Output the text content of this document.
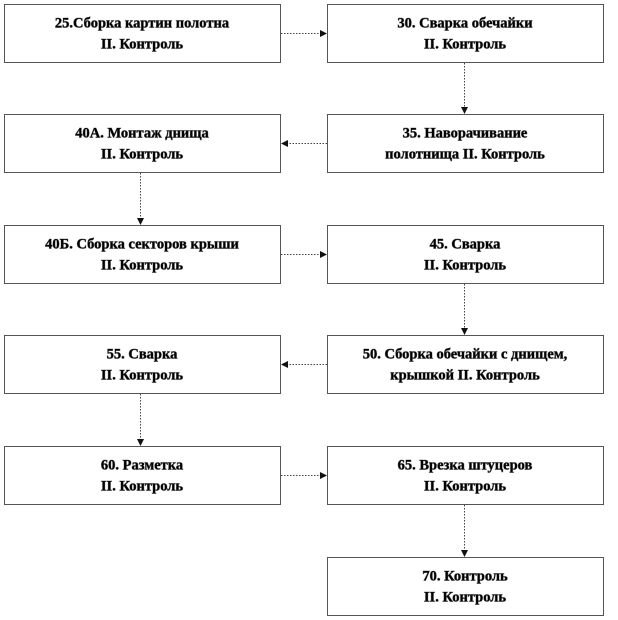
25.Сборка картин полотна
II. Контроль
30. Сварка обечайки
II. Контроль
40А. Монтаж днища
II. Контроль
35. Наворачивание
полотнища II. Контроль
40Б. Сборка секторов крыши
II. Контроль
45. Сварка
II. Контроль
55. Сварка
II. Контроль
50. Сборка обечайки с днищем,
крышкой II. Контроль
60. Разметка
II. Контроль
65. Врезка штуцеров
II. Контроль
70. Контроль
II. Контроль
